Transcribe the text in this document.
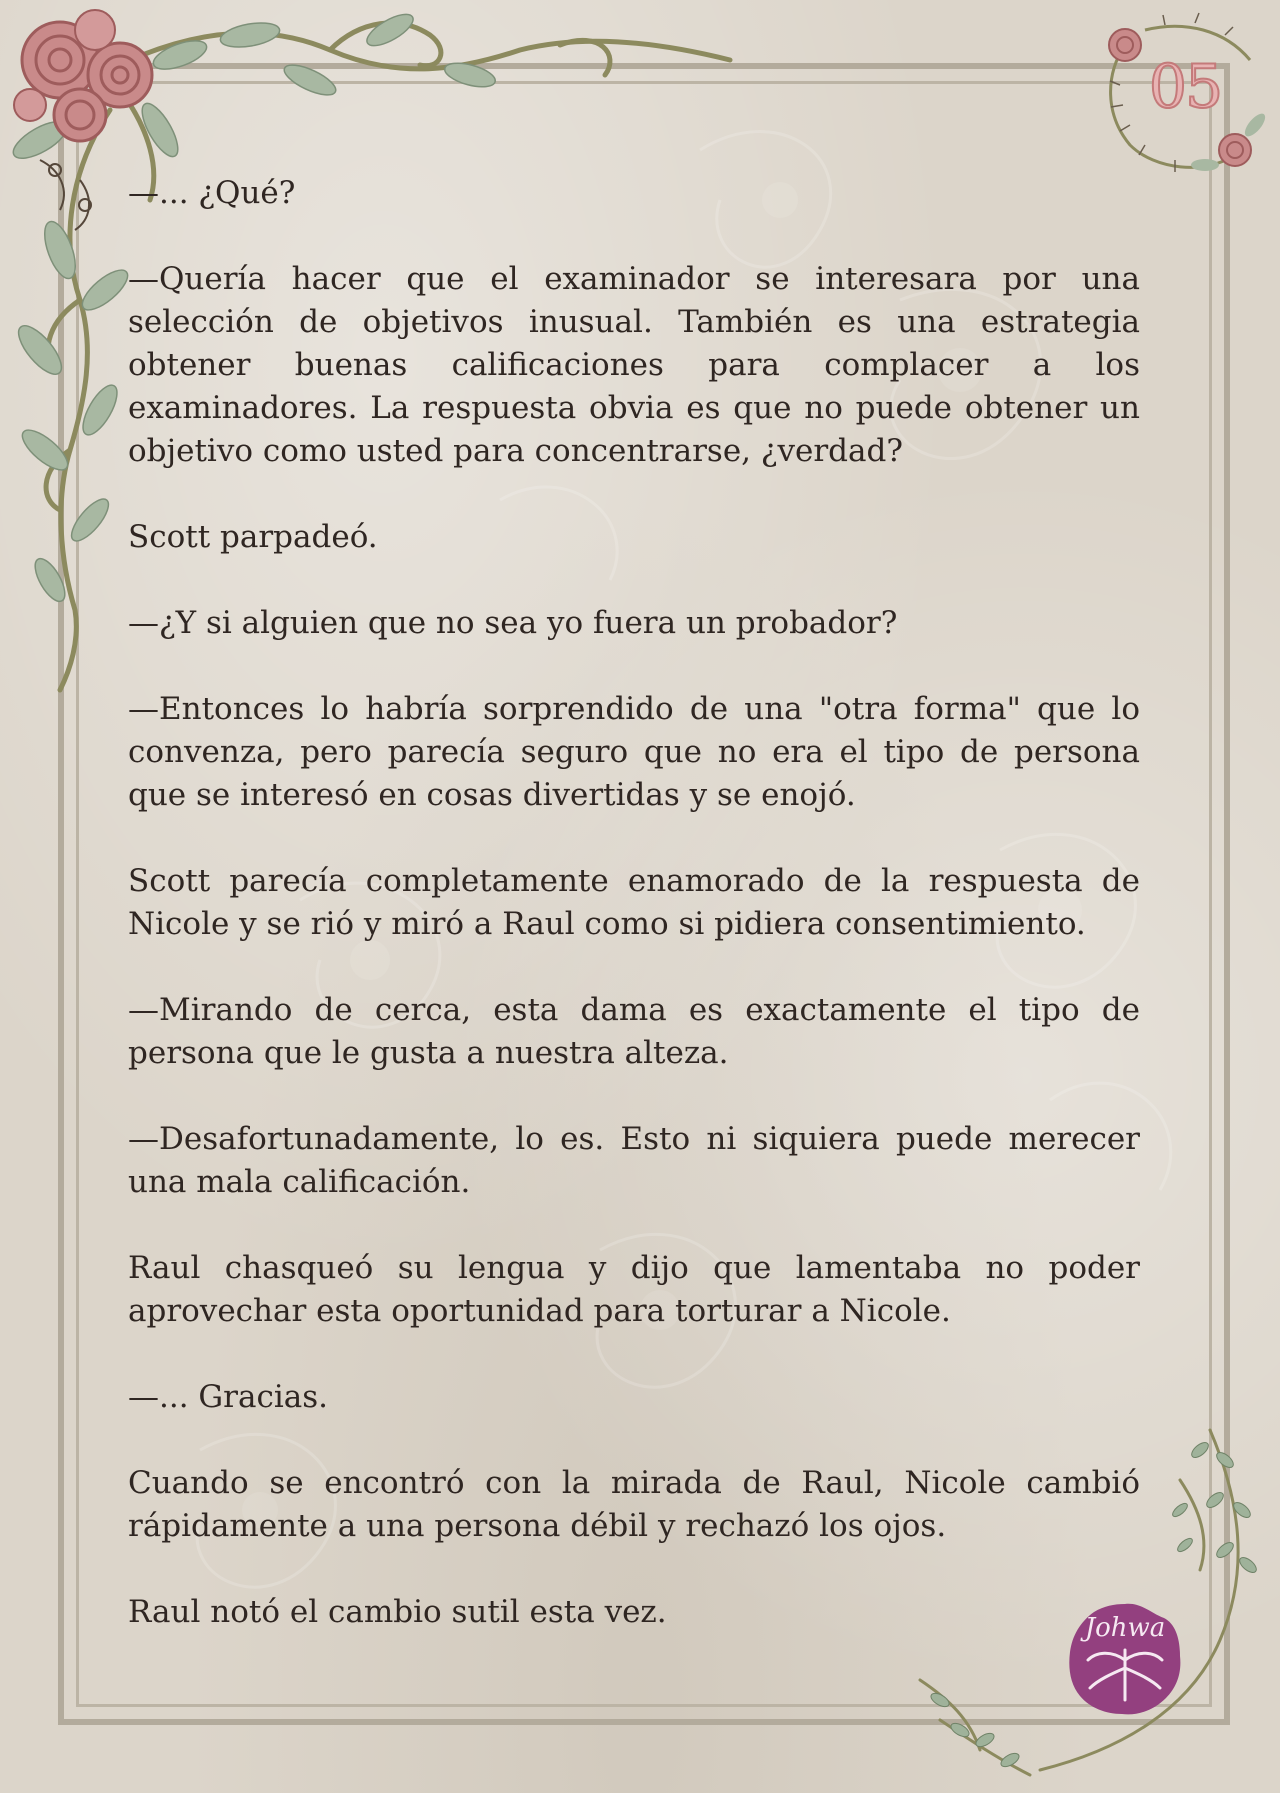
05
Johwa

—... ¿Qué?

—Quería hacer que el examinador se interesara por una selección de objetivos inusual. También es una estrategia obtener buenas calificaciones para complacer a los examinadores. La respuesta obvia es que no puede obtener un objetivo como usted para concentrarse, ¿verdad?

Scott parpadeó.

—¿Y si alguien que no sea yo fuera un probador?

—Entonces lo habría sorprendido de una "otra forma" que lo convenza, pero parecía seguro que no era el tipo de persona que se interesó en cosas divertidas y se enojó.

Scott parecía completamente enamorado de la respuesta de Nicole y se rió y miró a Raul como si pidiera consentimiento.

—Mirando de cerca, esta dama es exactamente el tipo de persona que le gusta a nuestra alteza.

—Desafortunadamente, lo es. Esto ni siquiera puede merecer una mala calificación.

Raul chasqueó su lengua y dijo que lamentaba no poder aprovechar esta oportunidad para torturar a Nicole.

—... Gracias.

Cuando se encontró con la mirada de Raul, Nicole cambió rápidamente a una persona débil y rechazó los ojos.

Raul notó el cambio sutil esta vez.
